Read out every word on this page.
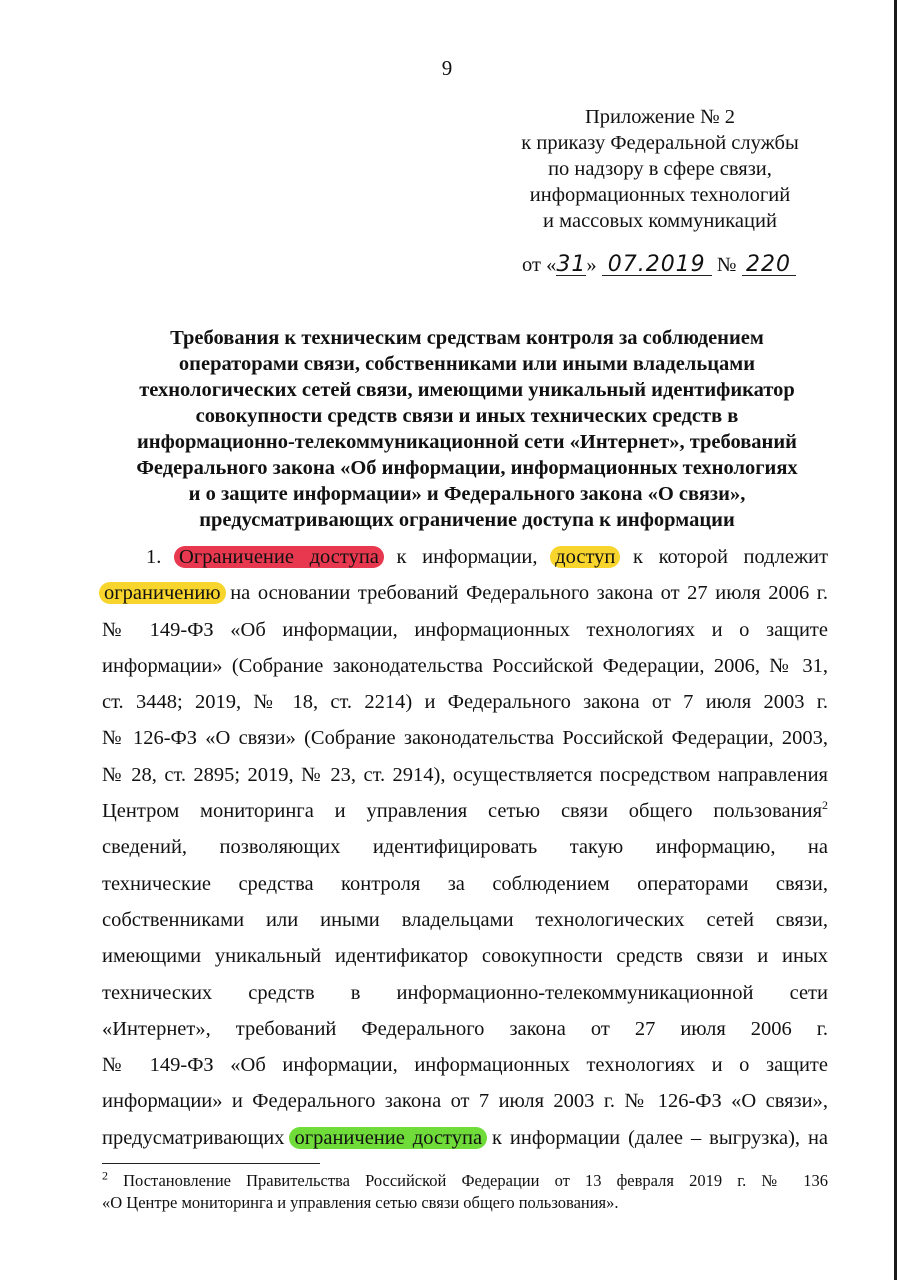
9
Приложение № 2
к приказу Федеральной службы
по надзору в сфере связи,
информационных технологий
и массовых коммуникаций
от «31» 07.2019 № 220
Требования к техническим средствам контроля за соблюдением
операторами связи, собственниками или иными владельцами
технологических сетей связи, имеющими уникальный идентификатор
совокупности средств связи и иных технических средств в
информационно-телекоммуникационной сети «Интернет», требований
Федерального закона «Об информации, информационных технологиях
и о защите информации» и Федерального закона «О связи»,
предусматривающих ограничение доступа к информации
1. Ограничение доступа к информации, доступ к которой подлежит
ограничению на основании требований Федерального закона от 27 июля 2006 г.
№ 149-ФЗ «Об информации, информационных технологиях и о защите
информации» (Собрание законодательства Российской Федерации, 2006, № 31,
ст. 3448; 2019, № 18, ст. 2214) и Федерального закона от 7 июля 2003 г.
№ 126-ФЗ «О связи» (Собрание законодательства Российской Федерации, 2003,
№ 28, ст. 2895; 2019, № 23, ст. 2914), осуществляется посредством направления
Центром мониторинга и управления сетью связи общего пользования$^2$
сведений, позволяющих идентифицировать такую информацию, на
технические средства контроля за соблюдением операторами связи,
собственниками или иными владельцами технологических сетей связи,
имеющими уникальный идентификатор совокупности средств связи и иных
технических средств в информационно-телекоммуникационной сети
«Интернет», требований Федерального закона от 27 июля 2006 г.
№ 149-ФЗ «Об информации, информационных технологиях и о защите
информации» и Федерального закона от 7 июля 2003 г. № 126-ФЗ «О связи»,
предусматривающих ограничение доступа к информации (далее – выгрузка), на
$^2$ Постановление Правительства Российской Федерации от 13 февраля 2019 г. № 136
«О Центре мониторинга и управления сетью связи общего пользования».
